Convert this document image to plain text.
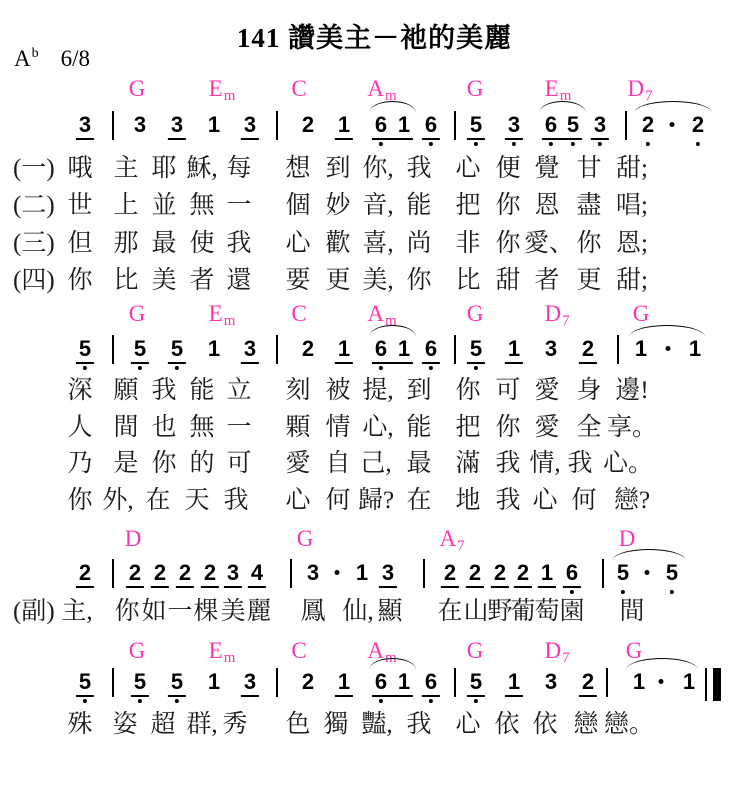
141 讚美主－祂的美麗
$A^b$ 6/8
G	Em C	Am	G	Em D7
3 3 3 1 3 2 1 6 1 6 5 3 6 5 3 2 2
(一) 哦 主 耶 穌, 每 想 到 你, 我 心 便 覺 甘 甜;
(二) 世 上 並 無 一 個 妙 音, 能 把 你 恩 盡 唱;
(三) 但 那 最 使 我 心 歡 喜, 尚 非 你 愛、 你 恩;
(四) 你 比 美 者 還 要 更 美, 你 比 甜 者 更 甜;
G	Em C	Am	G	D7	G
5 5 5 1 3 2 1 6 1 6 5 1 3 2 1 1
深 願 我 能 立 刻 被 提, 到 你 可 愛 身 邊!
人 間 也 無 一 顆 情 心, 能 把 你 愛 全 享。
乃 是 你 的 可 愛 自 己, 最 滿 我 情, 我 心。
你 外, 在 天 我 心 何 歸? 在 地 我 心 何 戀?
D	G	A7	D
2 2 2 2 2 3 4 3 1 3 2 2 2 2 1 6 5 5
(副) 主, 你 如 一 棵 美 麗 鳳 仙, 顯 在 山
野
葡
萄 園 間
G	Em C	Am	G	D7 G
5 5 5 1 3 2 1 6 1 6 5 1 3 2 1 1
殊 姿 超 群, 秀 色 獨 豔, 我 心 依 依 戀 戀。
